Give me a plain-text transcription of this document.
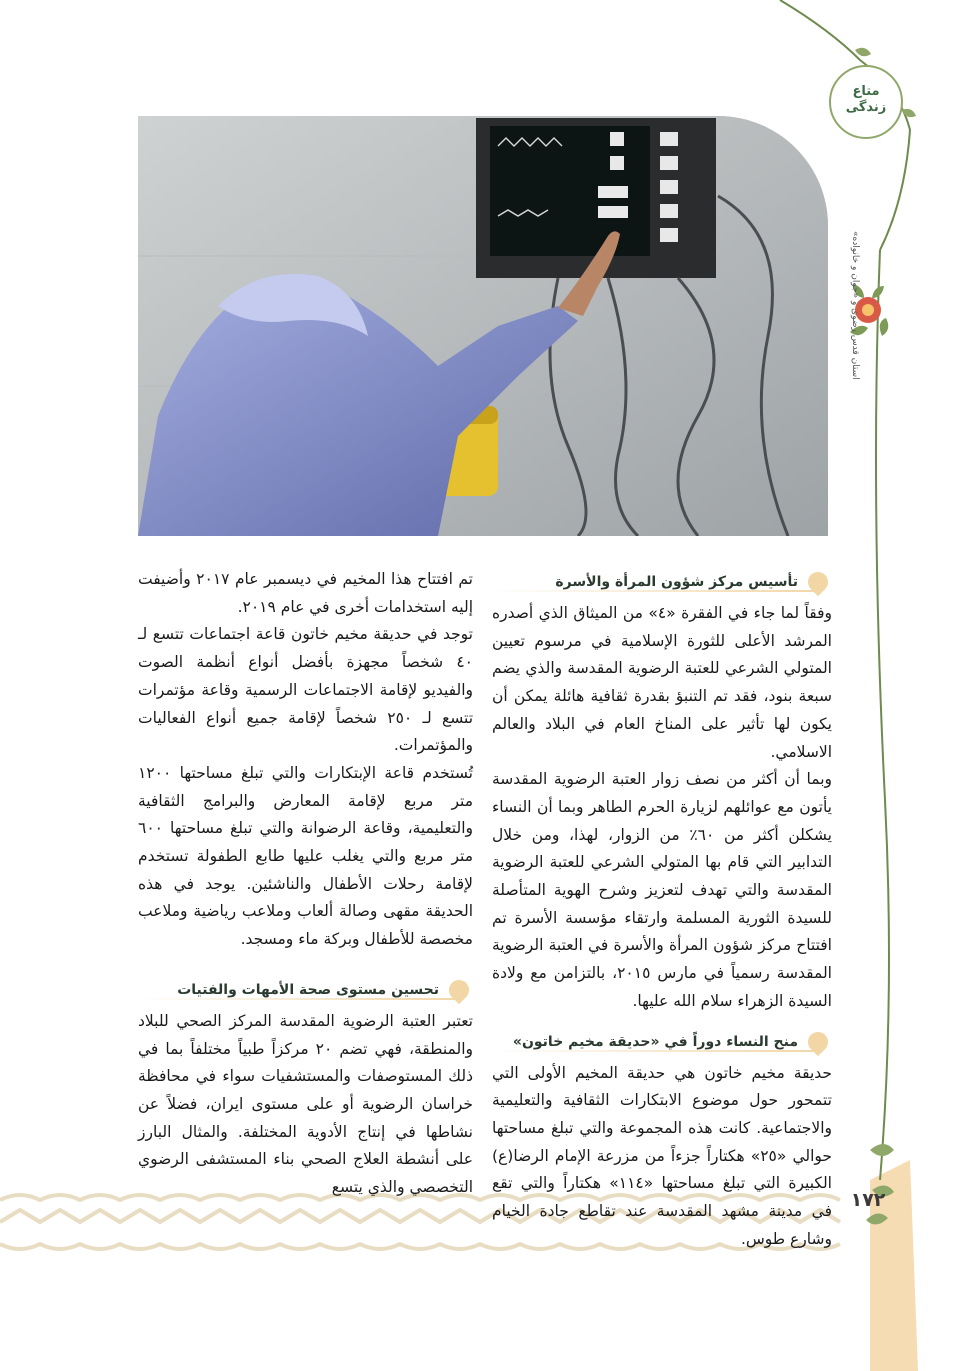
متاع زندگی
آستان قدس رضوی و «جوان و خانواده»
تأسيس مركز شؤون المرأة والأسرة

وفقاً لما جاء في الفقرة «٤» من الميثاق الذي أصدره المرشد الأعلى للثورة الإسلامية في مرسوم تعيين المتولي الشرعي للعتبة الرضوية المقدسة والذي يضم سبعة بنود، فقد تم التنبؤ بقدرة ثقافية هائلة يمكن أن يكون لها تأثير على المناخ العام في البلاد والعالم الاسلامي.

وبما أن أكثر من نصف زوار العتبة الرضوية المقدسة يأتون مع عوائلهم لزيارة الحرم الطاهر وبما أن النساء يشكلن أكثر من ٦٠٪ من الزوار، لهذا، ومن خلال التدابير التي قام بها المتولي الشرعي للعتبة الرضوية المقدسة والتي تهدف لتعزيز وشرح الهوية المتأصلة للسيدة الثورية المسلمة وارتقاء مؤسسة الأسرة تم افتتاح مركز شؤون المرأة والأسرة في العتبة الرضوية المقدسة رسمياً في مارس ٢٠١٥، بالتزامن مع ولادة السيدة الزهراء سلام الله عليها.

منح النساء دوراً في «حديقة مخيم خاتون»

حديقة مخيم خاتون هي حديقة المخيم الأولى التي تتمحور حول موضوع الابتكارات الثقافية والتعليمية والاجتماعية. كانت هذه المجموعة والتي تبلغ مساحتها حوالي «٢٥» هكتاراً جزءاً من مزرعة الإمام الرضا(ع) الكبيرة التي تبلغ مساحتها «١١٤» هكتاراً والتي تقع في مدينة مشهد المقدسة عند تقاطع جادة الخيام وشارع طوس.

تم افتتاح هذا المخيم في ديسمبر عام ٢٠١٧ وأضيفت إليه استخدامات أخرى في عام ٢٠١٩.

توجد في حديقة مخيم خاتون قاعة اجتماعات تتسع لـ ٤٠ شخصاً مجهزة بأفضل أنواع أنظمة الصوت والفيديو لإقامة الاجتماعات الرسمية وقاعة مؤتمرات تتسع لـ ٢٥٠ شخصاً لإقامة جميع أنواع الفعاليات والمؤتمرات.

تُستخدم قاعة الإبتكارات والتي تبلغ مساحتها ١٢٠٠ متر مربع لإقامة المعارض والبرامج الثقافية والتعليمية، وقاعة الرضوانة والتي تبلغ مساحتها ٦٠٠ متر مربع والتي يغلب عليها طابع الطفولة تستخدم لإقامة رحلات الأطفال والناشئين. يوجد في هذه الحديقة مقهى وصالة ألعاب وملاعب رياضية وملاعب مخصصة للأطفال وبركة ماء ومسجد.

تحسين مستوى صحة الأمهات والفتيات

تعتبر العتبة الرضوية المقدسة المركز الصحي للبلاد والمنطقة، فهي تضم ٢٠ مركزاً طبياً مختلفاً بما في ذلك المستوصفات والمستشفيات سواء في محافظة خراسان الرضوية أو على مستوى ايران، فضلاً عن نشاطها في إنتاج الأدوية المختلفة. والمثال البارز على أنشطة العلاج الصحي بناء المستشفى الرضوي التخصصي والذي يتسع

١٧٢
